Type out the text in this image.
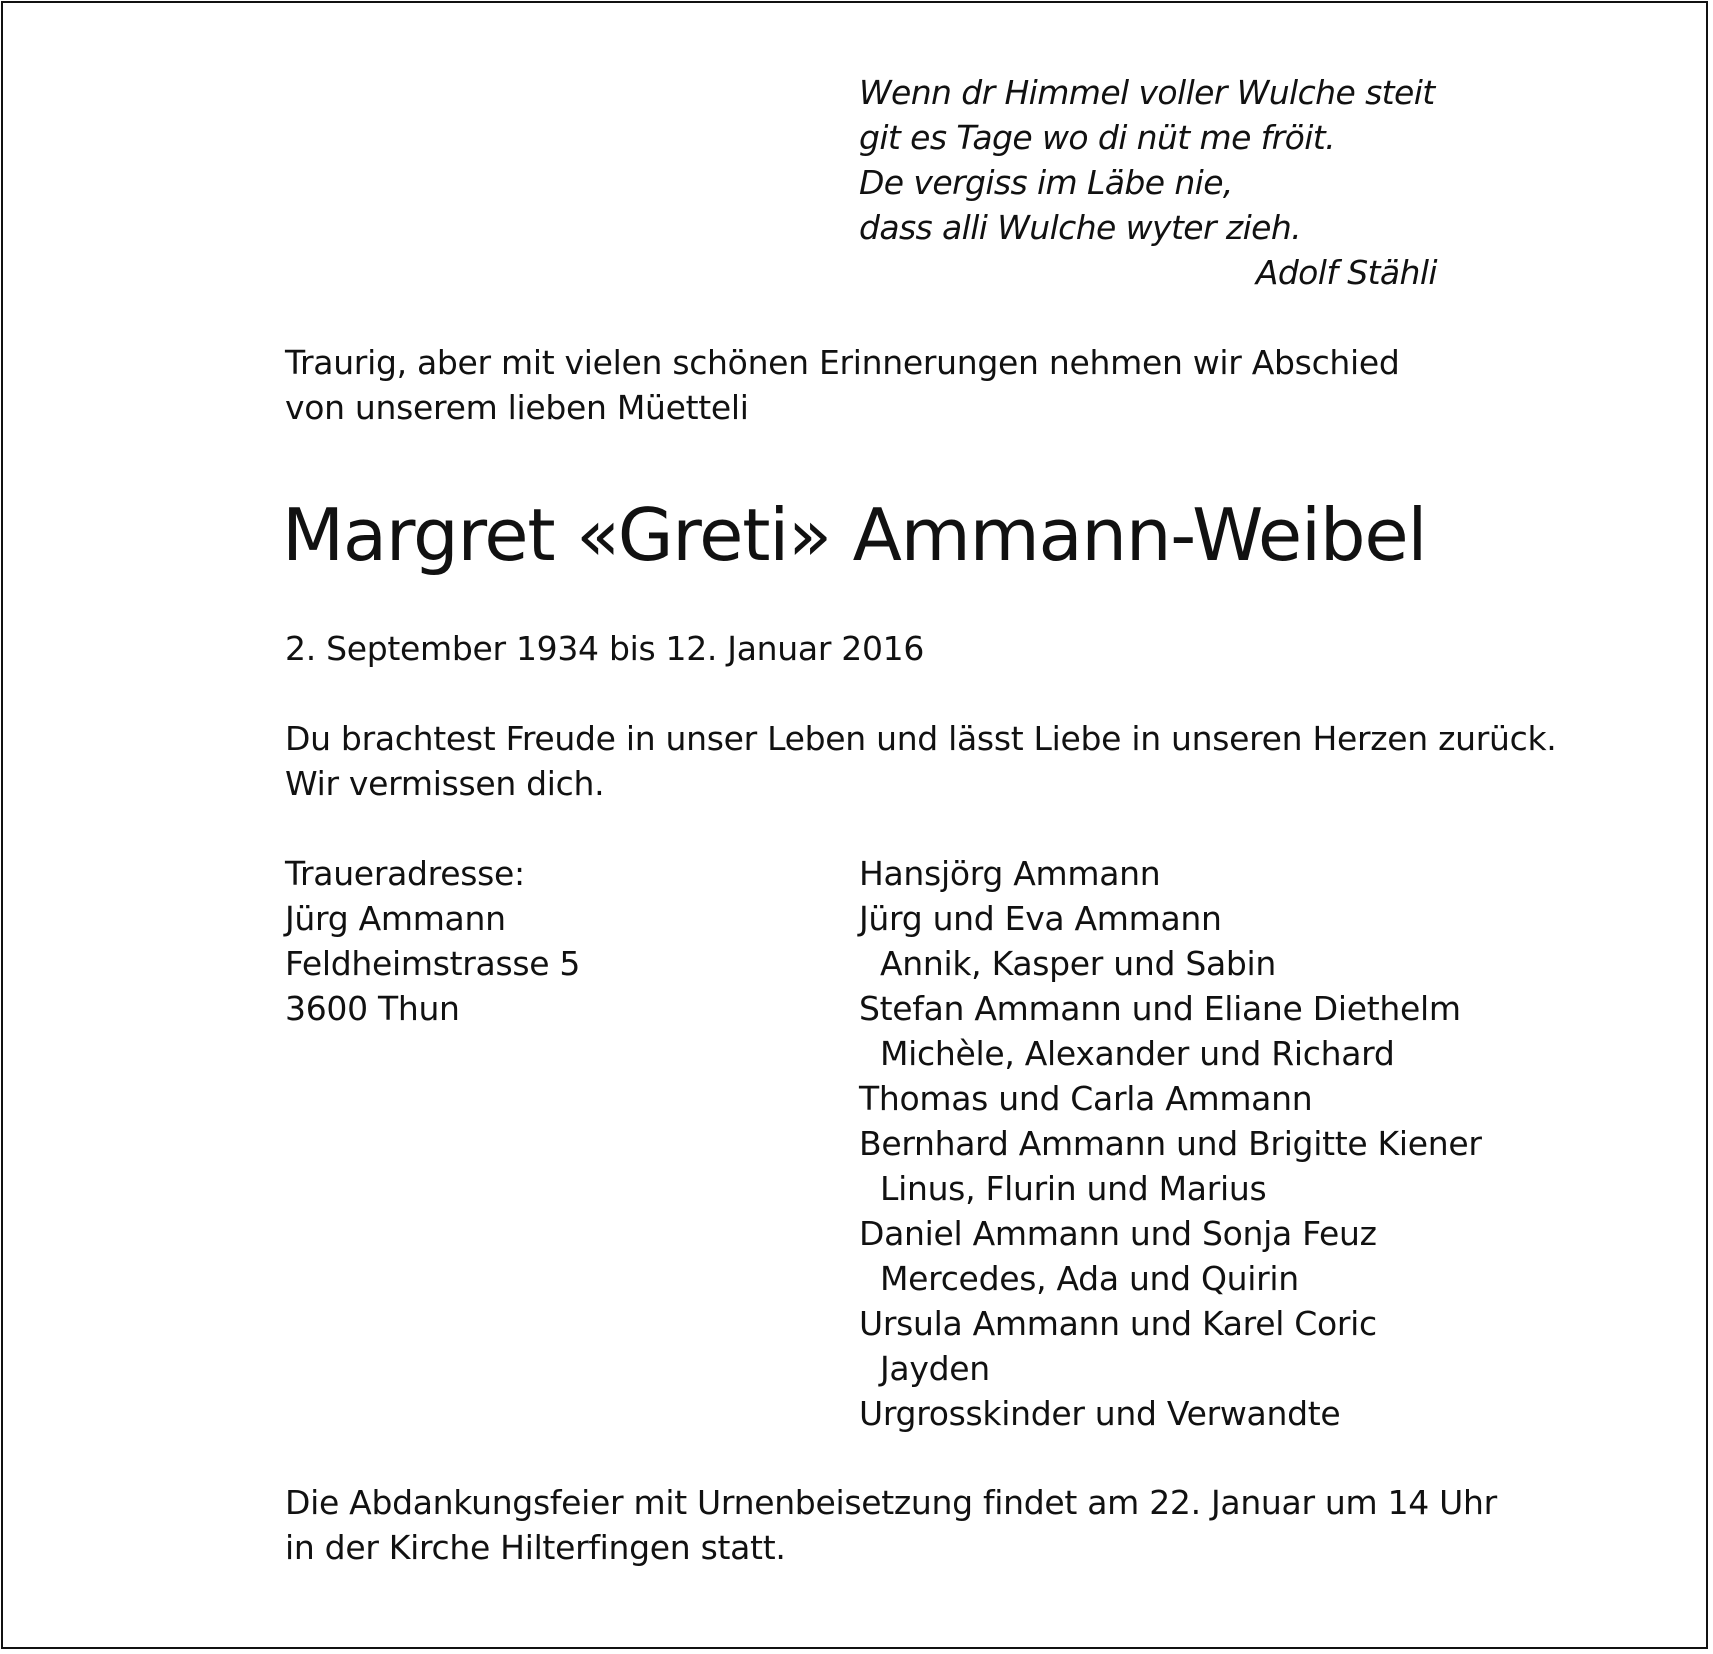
Wenn dr Himmel voller Wulche steit
git es Tage wo di nüt me fröit.
De vergiss im Läbe nie,
dass alli Wulche wyter zieh.
Adolf Stähli
Traurig, aber mit vielen schönen Erinnerungen nehmen wir Abschied
von unserem lieben Müetteli
Margret «Greti» Ammann-Weibel
2. September 1934 bis 12. Januar 2016
Du brachtest Freude in unser Leben und lässt Liebe in unseren Herzen zurück.
Wir vermissen dich.
Traueradresse:
Jürg Ammann
Feldheimstrasse 5
3600 Thun
Hansjörg Ammann
Jürg und Eva Ammann
Annik, Kasper und Sabin
Stefan Ammann und Eliane Diethelm
Michèle, Alexander und Richard
Thomas und Carla Ammann
Bernhard Ammann und Brigitte Kiener
Linus, Flurin und Marius
Daniel Ammann und Sonja Feuz
Mercedes, Ada und Quirin
Ursula Ammann und Karel Coric
Jayden
Urgrosskinder und Verwandte
Die Abdankungsfeier mit Urnenbeisetzung findet am 22. Januar um 14 Uhr
in der Kirche Hilterfingen statt.
